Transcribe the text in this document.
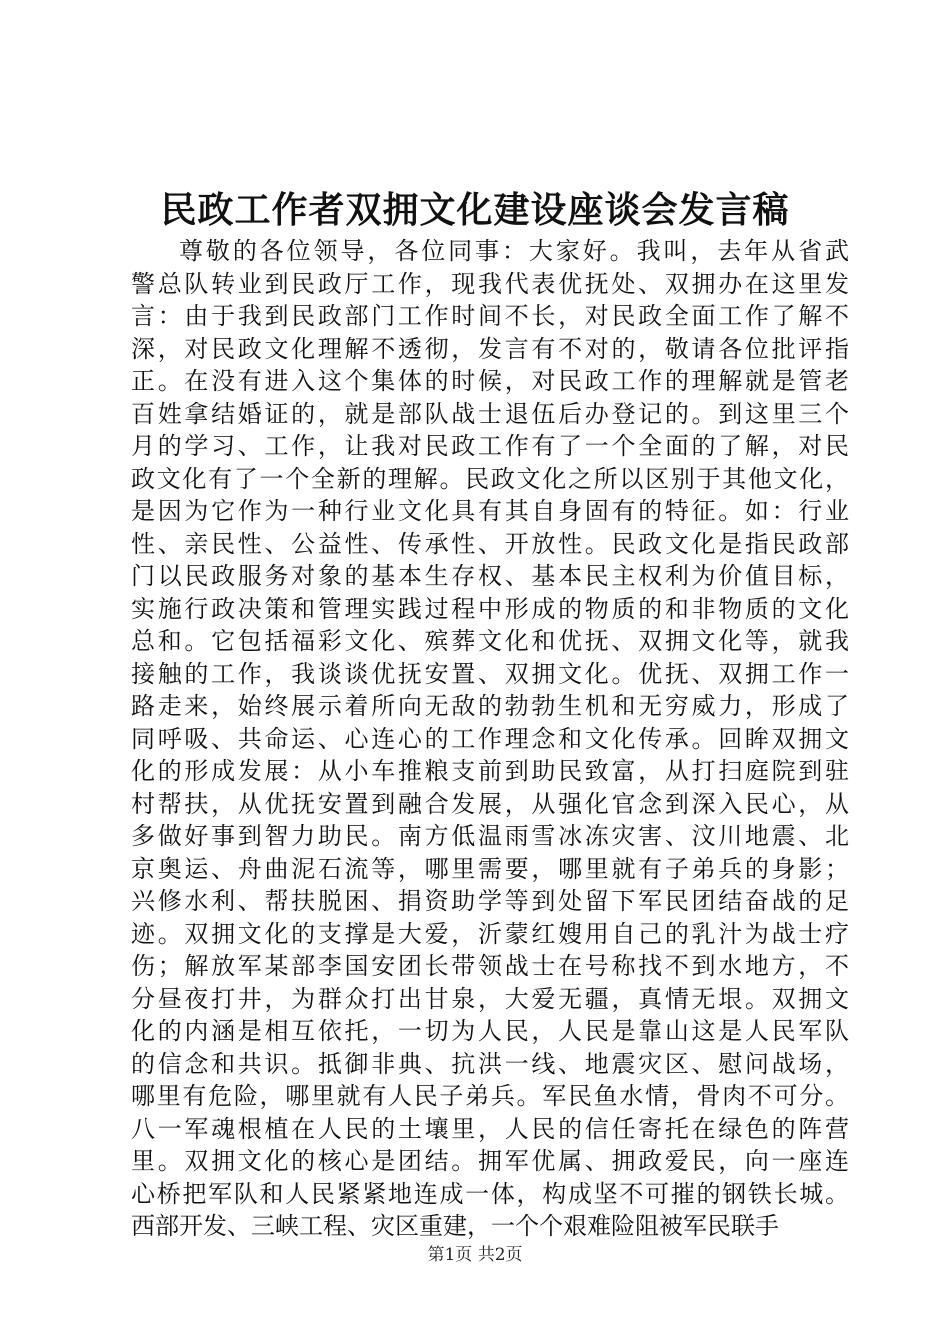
民政工作者双拥文化建设座谈会发言稿
尊敬的各位领导，各位同事：大家好。我叫，去年从省武
警总队转业到民政厅工作，现我代表优抚处、双拥办在这里发
言：由于我到民政部门工作时间不长，对民政全面工作了解不
深，对民政文化理解不透彻，发言有不对的，敬请各位批评指
正。在没有进入这个集体的时候，对民政工作的理解就是管老
百姓拿结婚证的，就是部队战士退伍后办登记的。到这里三个
月的学习、工作，让我对民政工作有了一个全面的了解，对民
政文化有了一个全新的理解。民政文化之所以区别于其他文化，
是因为它作为一种行业文化具有其自身固有的特征。如：行业
性、亲民性、公益性、传承性、开放性。民政文化是指民政部
门以民政服务对象的基本生存权、基本民主权利为价值目标，
实施行政决策和管理实践过程中形成的物质的和非物质的文化
总和。它包括福彩文化、殡葬文化和优抚、双拥文化等，就我
接触的工作，我谈谈优抚安置、双拥文化。优抚、双拥工作一
路走来，始终展示着所向无敌的勃勃生机和无穷威力，形成了
同呼吸、共命运、心连心的工作理念和文化传承。回眸双拥文
化的形成发展：从小车推粮支前到助民致富，从打扫庭院到驻
村帮扶，从优抚安置到融合发展，从强化官念到深入民心，从
多做好事到智力助民。南方低温雨雪冰冻灾害、汶川地震、北
京奥运、舟曲泥石流等，哪里需要，哪里就有子弟兵的身影；
兴修水利、帮扶脱困、捐资助学等到处留下军民团结奋战的足
迹。双拥文化的支撑是大爱，沂蒙红嫂用自己的乳汁为战士疗
伤；解放军某部李国安团长带领战士在号称找不到水地方，不
分昼夜打井，为群众打出甘泉，大爱无疆，真情无垠。双拥文
化的内涵是相互依托，一切为人民，人民是靠山这是人民军队
的信念和共识。抵御非典、抗洪一线、地震灾区、慰问战场，
哪里有危险，哪里就有人民子弟兵。军民鱼水情，骨肉不可分。
八一军魂根植在人民的土壤里，人民的信任寄托在绿色的阵营
里。双拥文化的核心是团结。拥军优属、拥政爱民，向一座连
心桥把军队和人民紧紧地连成一体，构成坚不可摧的钢铁长城。
西部开发、三峡工程、灾区重建，一个个艰难险阻被军民联手
第1页 共2页
